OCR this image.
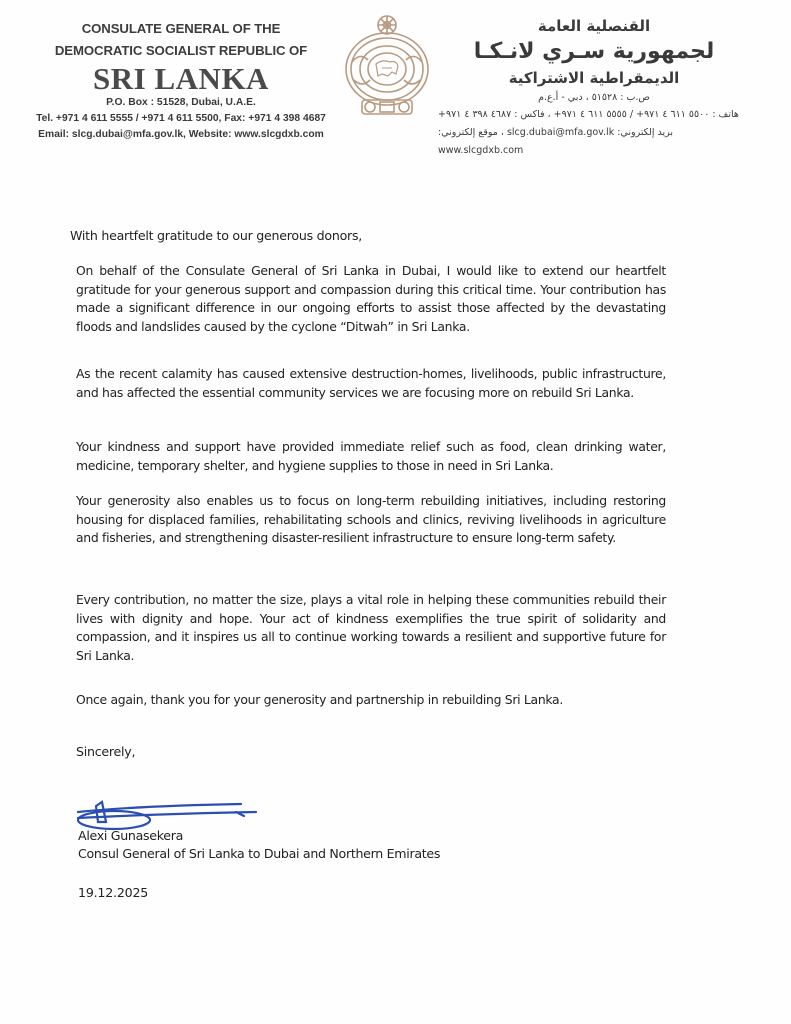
CONSULATE GENERAL OF THE
DEMOCRATIC SOCIALIST REPUBLIC OF
SRI LANKA
P.O. Box : 51528, Dubai, U.A.E.
Tel. +971 4 611 5555 / +971 4 611 5500, Fax: +971 4 398 4687
Email: slcg.dubai@mfa.gov.lk, Website: www.slcgdxb.com
القنصلية العامة
لجمهورية سـري لانـكـا
الديمقراطية الاشتراكية
ص.ب : ٥١٥٢٨ ، دبي - أ.ع.م
هاتف : ٥٥٠٠ ٦١١ ٤ ٩٧١+ / ٥٥٥٥ ٦١١ ٤ ٩٧١+ ، فاكس : ٤٦٨٧ ٣٩٨ ٤ ٩٧١+
بريد إلكتروني: slcg.dubai@mfa.gov.lk ، موقع إلكتروني: www.slcgdxb.com
With heartfelt gratitude to our generous donors,

On behalf of the Consulate General of Sri Lanka in Dubai, I would like to extend our heartfelt gratitude for your generous support and compassion during this critical time. Your contribution has made a significant difference in our ongoing efforts to assist those affected by the devastating floods and landslides caused by the cyclone “Ditwah” in Sri Lanka.

As the recent calamity has caused extensive destruction-homes, livelihoods, public infrastructure, and has affected the essential community services we are focusing more on rebuild Sri Lanka.

Your kindness and support have provided immediate relief such as food, clean drinking water, medicine, temporary shelter, and hygiene supplies to those in need in Sri Lanka.

Your generosity also enables us to focus on long-term rebuilding initiatives, including restoring housing for displaced families, rehabilitating schools and clinics, reviving livelihoods in agriculture and fisheries, and strengthening disaster-resilient infrastructure to ensure long-term safety.

Every contribution, no matter the size, plays a vital role in helping these communities rebuild their lives with dignity and hope. Your act of kindness exemplifies the true spirit of solidarity and compassion, and it inspires us all to continue working towards a resilient and supportive future for Sri Lanka.

Once again, thank you for your generosity and partnership in rebuilding Sri Lanka.

Sincerely,
Alexi Gunasekera
Consul General of Sri Lanka to Dubai and Northern Emirates
19.12.2025
